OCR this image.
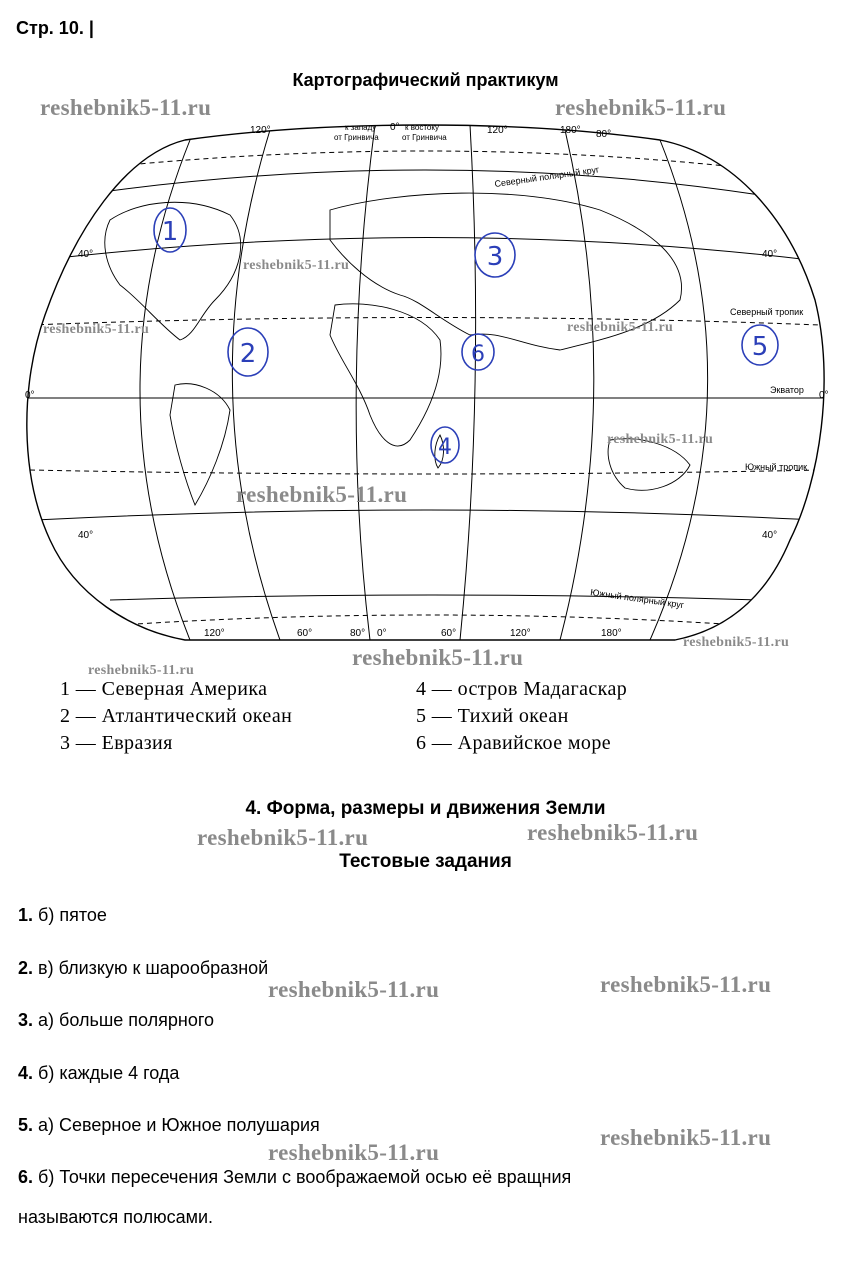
Стр. 10. |
Картографический практикум
1
2
3
4
5
6
120°	к западу
от Гринвича
0° к востоку
от Гринвича
120°	180° 80°
120°	60°	80° 0°	60°	120°	180°
40°
0°
40°
40°
0°
40°
Северный полярный круг
Северный тропик
Экватор
Южный тропик
Южный полярный круг
reshebnik5-11.ru	reshebnik5-11.ru
reshebnik5-11.ru
reshebnik5-11.ru	reshebnik5-11.ru
reshebnik5-11.ru
reshebnik5-11.ru
reshebnik5-11.ru
reshebnik5-11.ru
reshebnik5-11.ru
reshebnik5-11.ru	reshebnik5-11.ru
reshebnik5-11.ru	reshebnik5-11.ru
reshebnik5-11.ru
reshebnik5-11.ru
1 — Северная Америка
2 — Атлантический океан
3 — Евразия
4 — остров Мадагаскар
5 — Тихий океан
6 — Аравийское море
4. Форма, размеры и движения Земли
Тестовые задания
1. б) пятое
2. в) близкую к шарообразной
3. а) больше полярного
4. б) каждые 4 года
5. а) Северное и Южное полушария
6. б) Точки пересечения Земли с воображаемой осью её вращния
называются полюсами.
